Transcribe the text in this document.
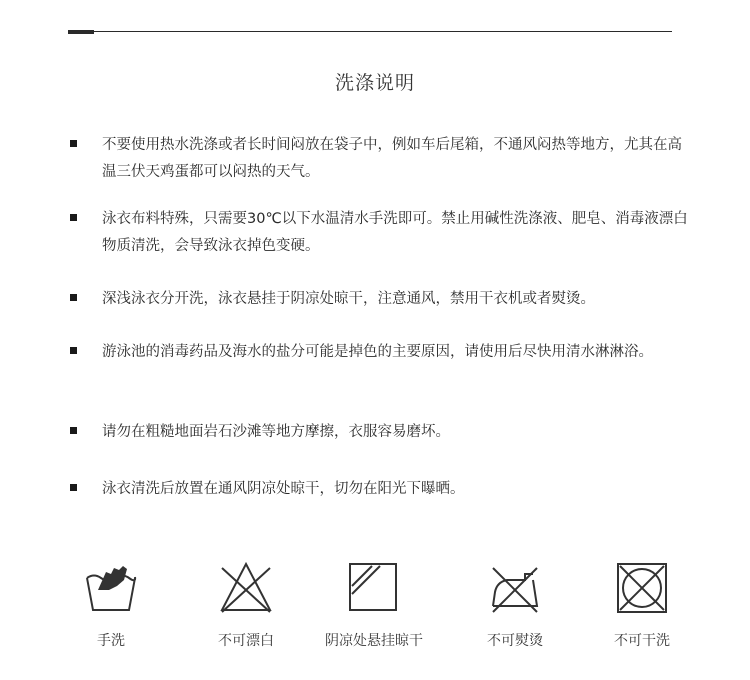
洗涤说明
不要使用热水洗涤或者长时间闷放在袋子中，例如车后尾箱，不通风闷热等地方，尤其在高温三伏天鸡蛋都可以闷热的天气。
泳衣布料特殊，只需要30℃以下水温清水手洗即可。禁止用碱性洗涤液、肥皂、消毒液漂白物质清洗，会导致泳衣掉色变硬。
深浅泳衣分开洗，泳衣悬挂于阴凉处晾干，注意通风，禁用干衣机或者熨烫。
游泳池的消毒药品及海水的盐分可能是掉色的主要原因，请使用后尽快用清水淋淋浴。
请勿在粗糙地面岩石沙滩等地方摩擦，衣服容易磨坏。
泳衣清洗后放置在通风阴凉处晾干，切勿在阳光下曝晒。
手洗	不可漂白	阴凉处悬挂晾干	不可熨烫	不可干洗
